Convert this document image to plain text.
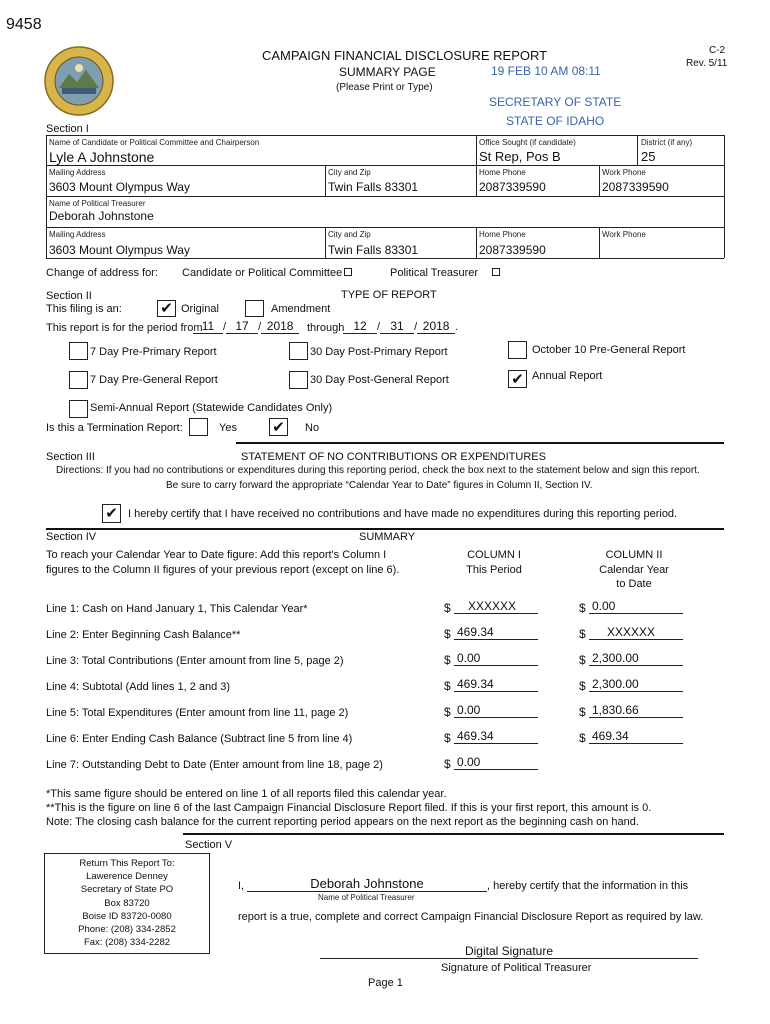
9458
CAMPAIGN FINANCIAL DISCLOSURE REPORT
SUMMARY PAGE
(Please Print or Type)
C-2
Rev. 5/11
19 FEB 10 AM 08:11
SECRETARY OF STATE
STATE OF IDAHO
Section I
Name of Candidate or Political Committee and Chairperson
Lyle A Johnstone
Office Sought (if candidate)
St Rep, Pos B
District (if any)
25
Mailing Address
3603 Mount Olympus Way
City and Zip
Twin Falls 83301
Home Phone
2087339590
Work Phone
2087339590
Name of Political Treasurer
Deborah Johnstone
Mailing Address
3603 Mount Olympus Way
City and Zip
Twin Falls 83301
Home Phone
2087339590
Work Phone
Change of address for: Candidate or Political Committee	Political Treasurer
Section II	TYPE OF REPORT
This filing is an:	✔ Original	Amendment
This report is for the period from 11 / 17 / 2018	through 12 / 31 / 2018 .
7 Day Pre-Primary Report	30 Day Post-Primary Report	October 10 Pre-General Report
7 Day Pre-General Report	30 Day Post-General Report	✔ Annual Report
Semi-Annual Report (Statewide Candidates Only)
Is this a Termination Report:	Yes ✔ No
Section III	STATEMENT OF NO CONTRIBUTIONS OR EXPENDITURES
Directions: If you had no contributions or expenditures during this reporting period, check the box next to the statement below and sign this report.
Be sure to carry forward the appropriate “Calendar Year to Date” figures in Column II, Section IV.
✔ I hereby certify that I have received no contributions and have made no expenditures during this reporting period.
Section IV	SUMMARY
To reach your Calendar Year to Date figure: Add this report's Column I
figures to the Column II figures of your previous report (except on line 6).
COLUMN I
This Period
COLUMN II
Calendar Year
to Date
Line 1: Cash on Hand January 1, This Calendar Year*	$	XXXXXX	$ 0.00
Line 2: Enter Beginning Cash Balance**	$ 469.34	$	XXXXXX
Line 3: Total Contributions (Enter amount from line 5, page 2)	$ 0.00	$ 2,300.00
Line 4: Subtotal (Add lines 1, 2 and 3)	$ 469.34	$ 2,300.00
Line 5: Total Expenditures (Enter amount from line 11, page 2)	$ 0.00	$ 1,830.66
Line 6: Enter Ending Cash Balance (Subtract line 5 from line 4)	$ 469.34	$ 469.34
Line 7: Outstanding Debt to Date (Enter amount from line 18, page 2)	$ 0.00
*This same figure should be entered on line 1 of all reports filed this calendar year.
**This is the figure on line 6 of the last Campaign Financial Disclosure Report filed. If this is your first report, this amount is 0.
Note: The closing cash balance for the current reporting period appears on the next report as the beginning cash on hand.
Section V
Return This Report To:
Lawerence Denney
Secretary of State PO
Box 83720
Boise ID 83720-0080
Phone: (208) 334-2852
Fax: (208) 334-2282
I,	Deborah Johnstone	, hereby certify that the information in this
Name of Political Treasurer
report is a true, complete and correct Campaign Financial Disclosure Report as required by law.
Digital Signature
Signature of Political Treasurer
Page 1
